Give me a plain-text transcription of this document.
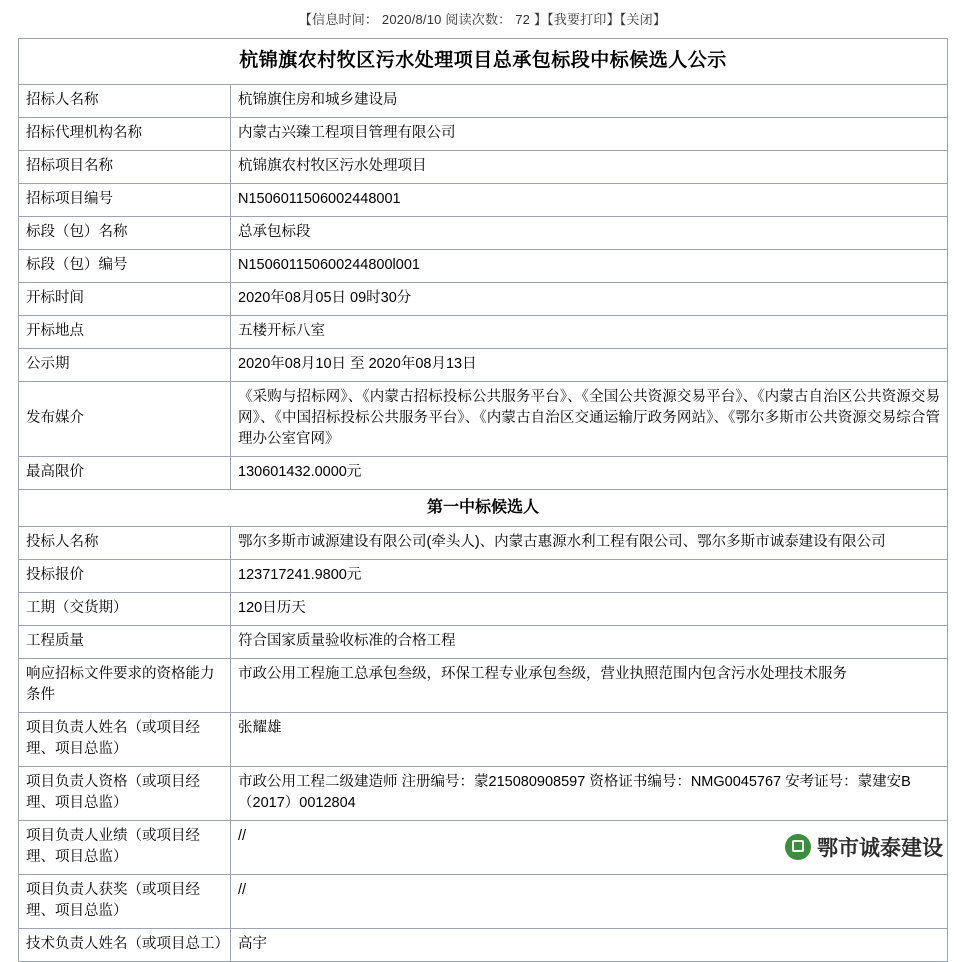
【信息时间： 2020/8/10 阅读次数： 72 】【我要打印】【关闭】
杭锦旗农村牧区污水处理项目总承包标段中标候选人公示	
招标人名称	杭锦旗住房和城乡建设局
招标代理机构名称	内蒙古兴臻工程项目管理有限公司
招标项目名称	杭锦旗农村牧区污水处理项目
招标项目编号	N1506011506002448001
标段（包）名称	总承包标段
标段（包）编号	N150601150600244800l001
开标时间	2020年08月05日 09时30分
开标地点	五楼开标八室
公示期	2020年08月10日 至 2020年08月13日
发布媒介	《采购与招标网》、《内蒙古招标投标公共服务平台》、《全国公共资源交易平台》、《内蒙古自治区公共资源交易网》、《中国招标投标公共服务平台》、《内蒙古自治区交通运输厅政务网站》、《鄂尔多斯市公共资源交易综合管理办公室官网》
最高限价	130601432.0000元
第一中标候选人	
投标人名称	鄂尔多斯市诚源建设有限公司(牵头人)、内蒙古惠源水利工程有限公司、鄂尔多斯市诚泰建设有限公司
投标报价	123717241.9800元
工期（交货期）	120日历天
工程质量	符合国家质量验收标准的合格工程
响应招标文件要求的资格能力条件	市政公用工程施工总承包叁级，环保工程专业承包叁级，营业执照范围内包含污水处理技术服务
项目负责人姓名（或项目经理、项目总监）	张耀雄
项目负责人资格（或项目经理、项目总监）	市政公用工程二级建造师 注册编号：蒙215080908597 资格证书编号：NMG0045767 安考证号：蒙建安B（2017）0012804
项目负责人业绩（或项目经理、项目总监）	//
项目负责人获奖（或项目经理、项目总监）	//
技术负责人姓名（或项目总工）	高宇
鄂市诚泰建设
